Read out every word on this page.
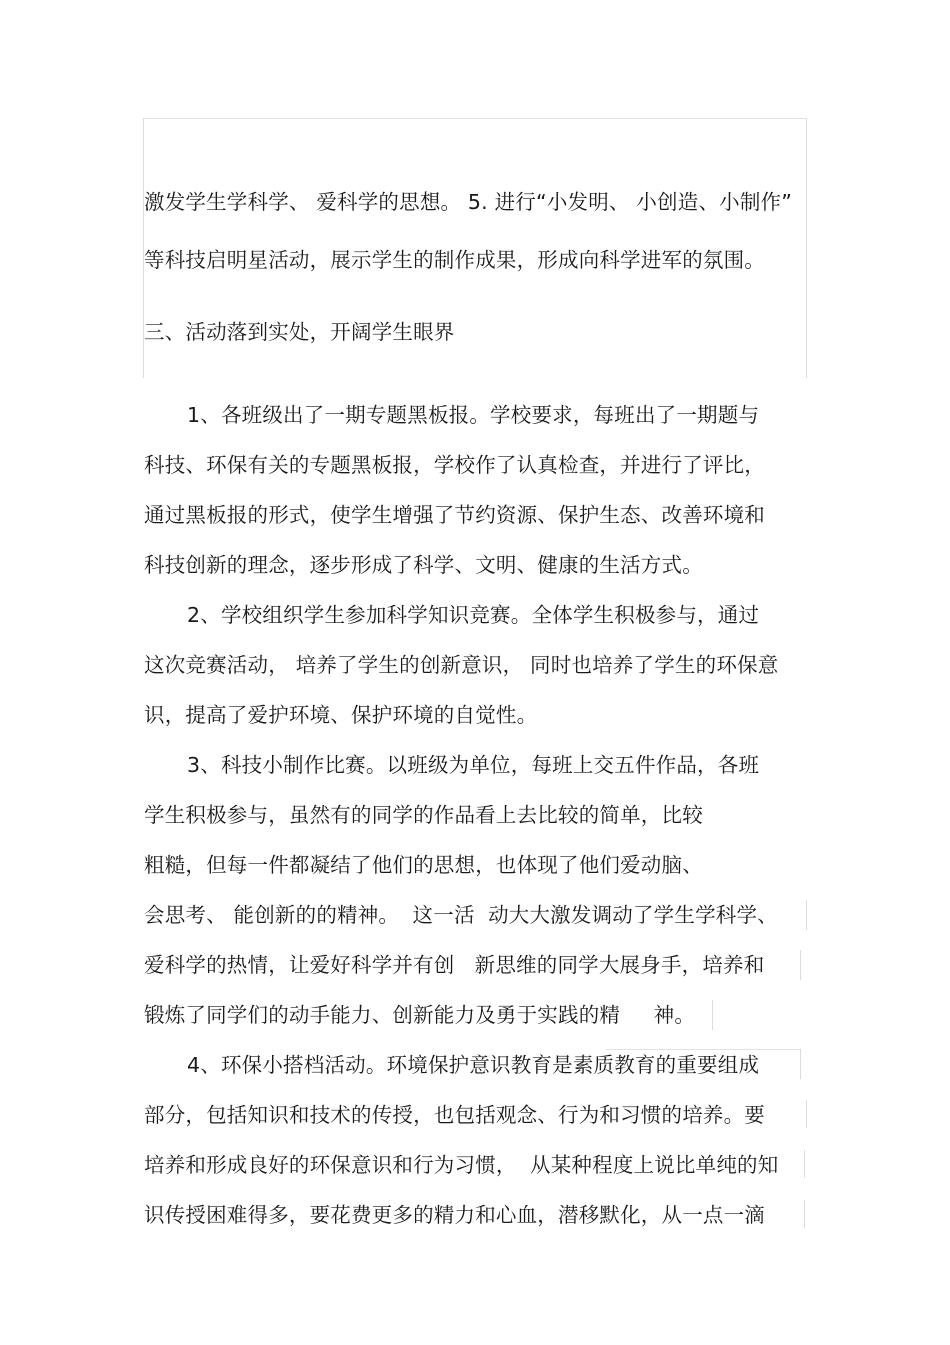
激发学生学科学、 爱科学的思想。 5. 进行“小发明、 小创造、小制作”
等科技启明星活动，展示学生的制作成果，形成向科学进军的氛围。
三、活动落到实处，开阔学生眼界
1、各班级出了一期专题黑板报。学校要求，每班出了一期题与
科技、环保有关的专题黑板报，学校作了认真检查，并进行了评比，
通过黑板报的形式，使学生增强了节约资源、保护生态、改善环境和
科技创新的理念，逐步形成了科学、文明、健康的生活方式。
2、学校组织学生参加科学知识竞赛。全体学生积极参与，通过
这次竞赛活动， 培养了学生的创新意识， 同时也培养了学生的环保意
识，提高了爱护环境、保护环境的自觉性。
3、科技小制作比赛。以班级为单位，每班上交五件作品，各班
学生积极参与，虽然有的同学的作品看上去比较的简单，比较
粗糙，但每一件都凝结了他们的思想，也体现了他们爱动脑、
会思考、 能创新的的精神。  这一活  动大大激发调动了学生学科学、
爱科学的热情，让爱好科学并有创   新思维的同学大展身手，培养和
锻炼了同学们的动手能力、创新能力及勇于实践的精     神。
4、环保小搭档活动。环境保护意识教育是素质教育的重要组成
部分，包括知识和技术的传授，也包括观念、行为和习惯的培养。要
培养和形成良好的环保意识和行为习惯，  从某种程度上说比单纯的知
识传授困难得多，要花费更多的精力和心血，潜移默化，从一点一滴
